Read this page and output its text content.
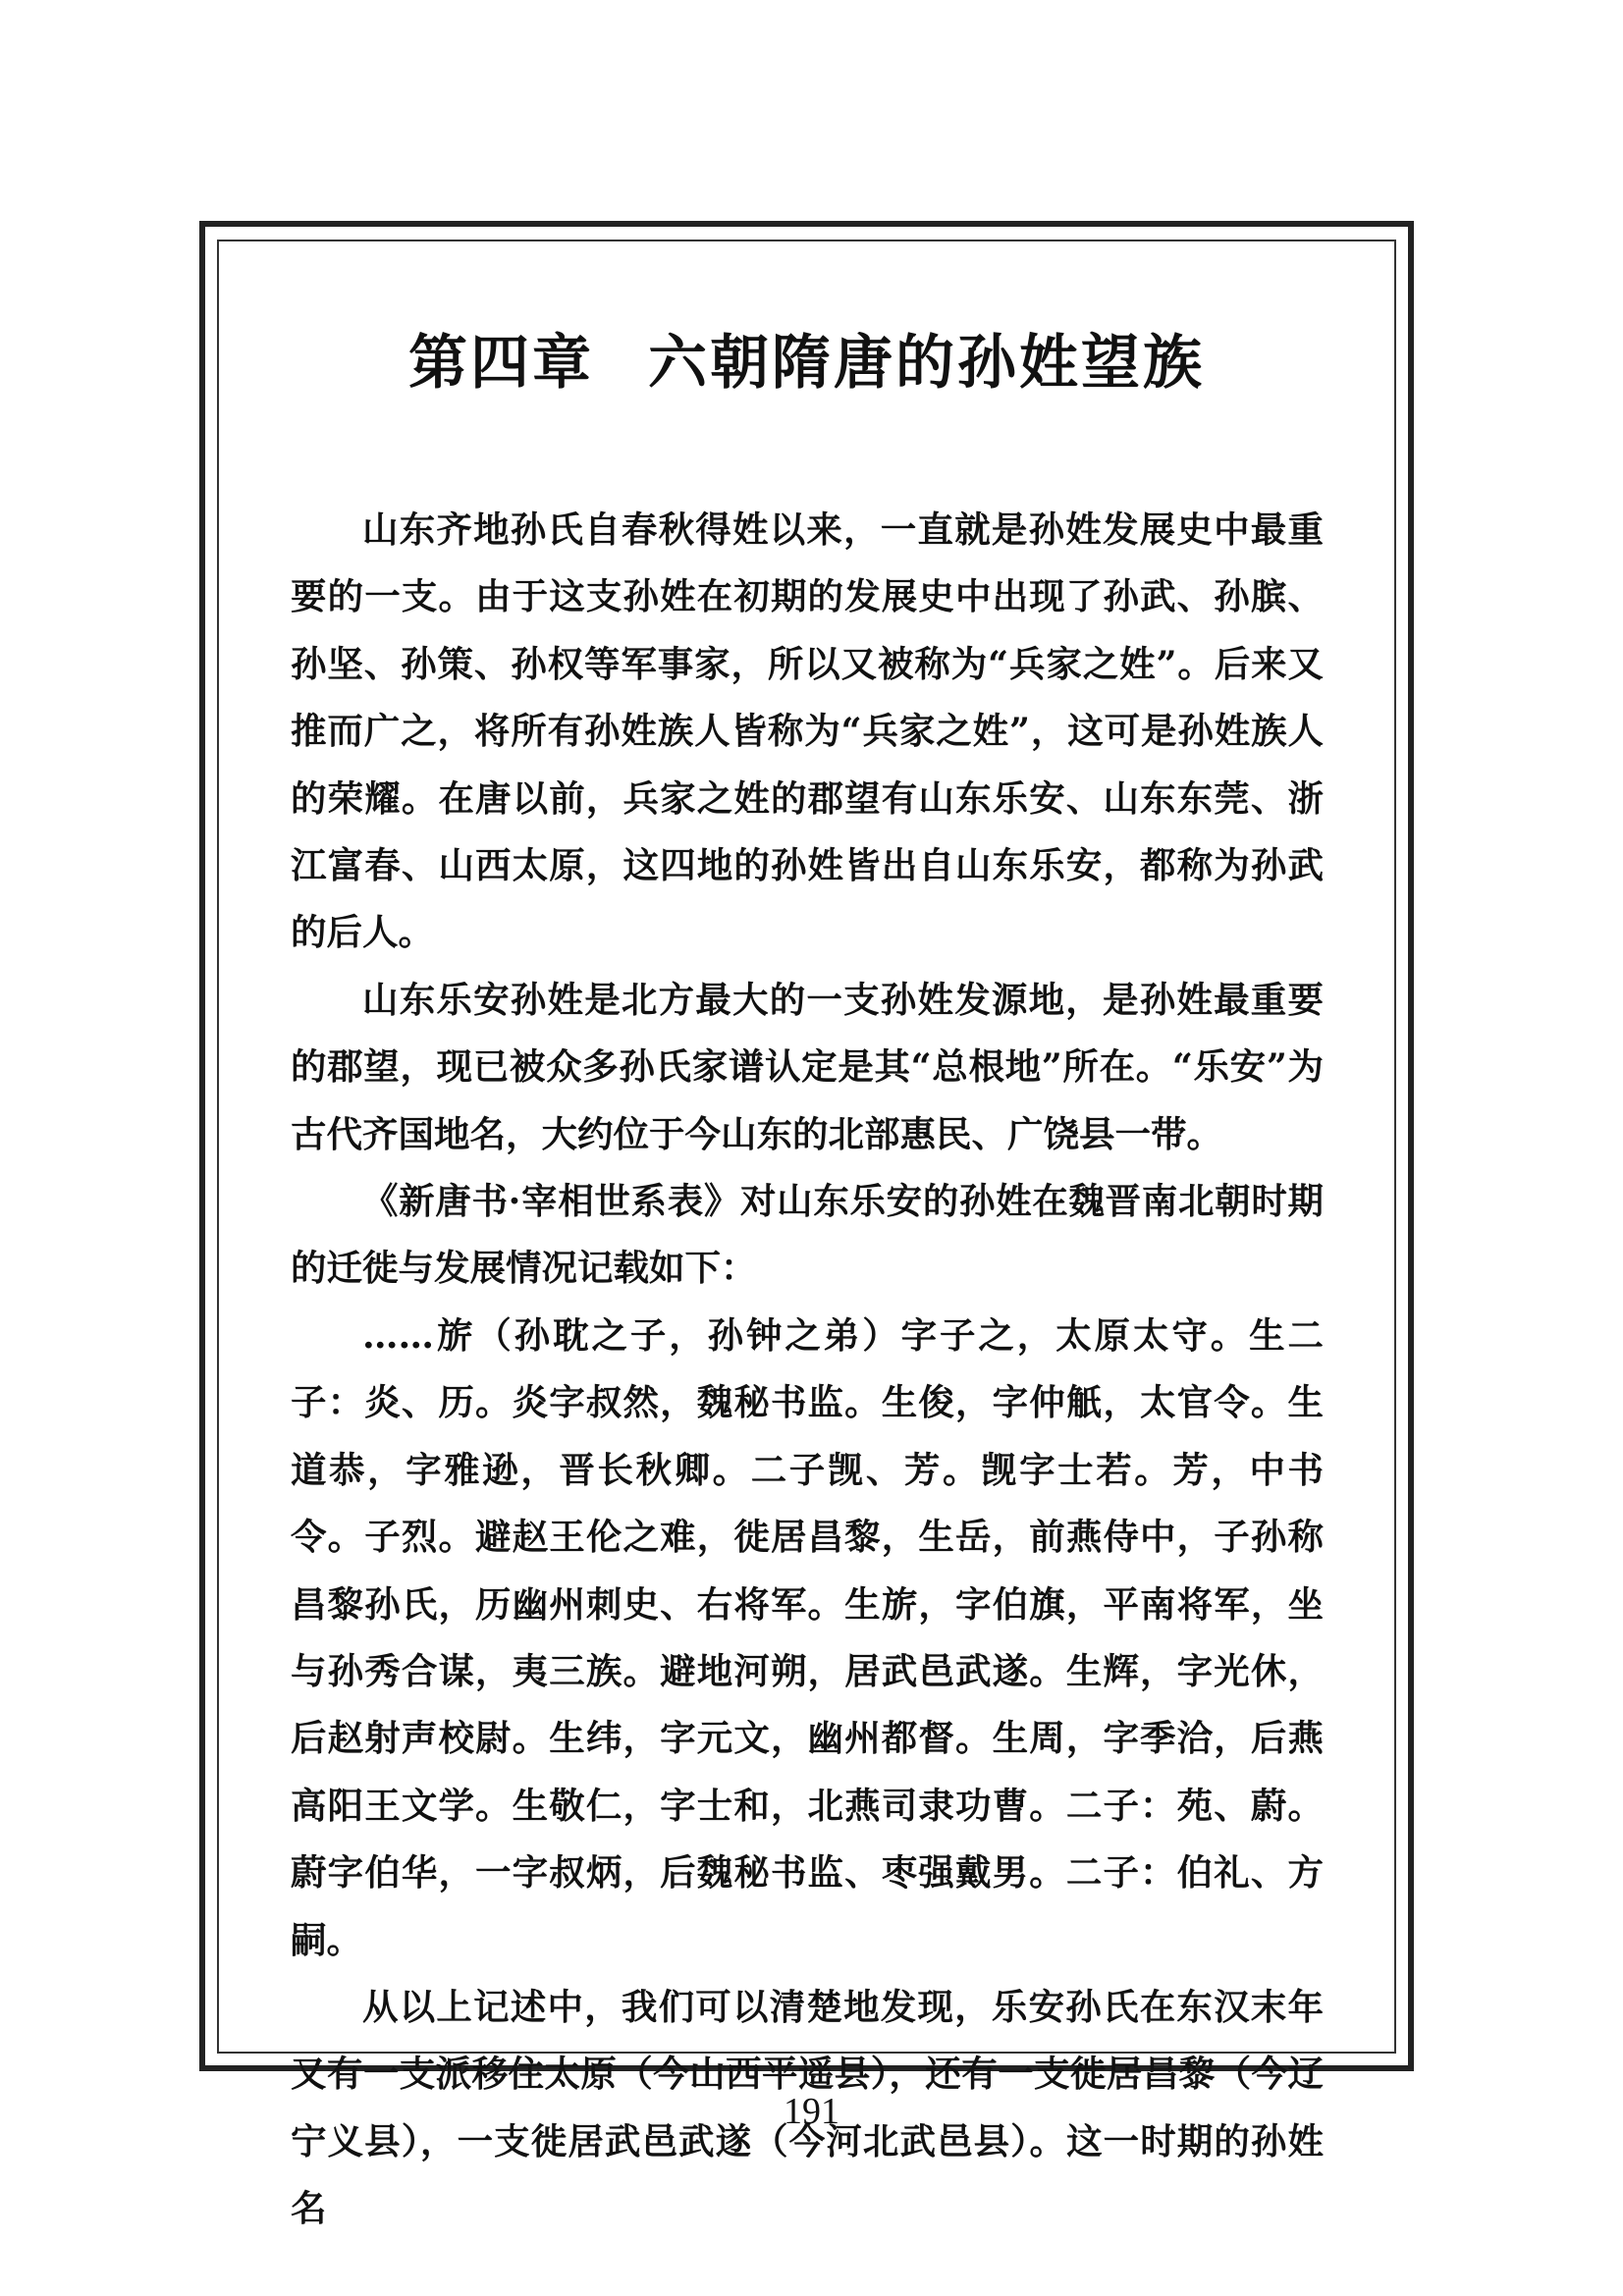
第四章 六朝隋唐的孙姓望族

山东齐地孙氏自春秋得姓以来，一直就是孙姓发展史中最重要的一支。由于这支孙姓在初期的发展史中出现了孙武、孙膑、孙坚、孙策、孙权等军事家，所以又被称为“兵家之姓”。后来又推而广之，将所有孙姓族人皆称为“兵家之姓”，这可是孙姓族人的荣耀。在唐以前，兵家之姓的郡望有山东乐安、山东东莞、浙江富春、山西太原，这四地的孙姓皆出自山东乐安，都称为孙武的后人。

山东乐安孙姓是北方最大的一支孙姓发源地，是孙姓最重要的郡望，现已被众多孙氏家谱认定是其“总根地”所在。“乐安”为古代齐国地名，大约位于今山东的北部惠民、广饶县一带。

《新唐书·宰相世系表》对山东乐安的孙姓在魏晋南北朝时期的迁徙与发展情况记载如下：

……旂（孙耽之子，孙钟之弟）字子之，太原太守。生二子：炎、历。炎字叔然，魏秘书监。生俊，字仲觗，太官令。生道恭，字雅逊，晋长秋卿。二子觊、芳。觊字士若。芳，中书令。子烈。避赵王伦之难，徙居昌黎，生岳，前燕侍中，子孙称昌黎孙氏，历幽州刺史、右将军。生旂，字伯旗，平南将军，坐与孙秀合谋，夷三族。避地河朔，居武邑武遂。生辉，字光休，后赵射声校尉。生纬，字元文，幽州都督。生周，字季洽，后燕高阳王文学。生敬仁，字士和，北燕司隶功曹。二子：苑、蔚。蔚字伯华，一字叔炳，后魏秘书监、枣强戴男。二子：伯礼、方嗣。

从以上记述中，我们可以清楚地发现，乐安孙氏在东汉末年又有一支派移住太原（今山西平遥县），还有一支徙居昌黎（今辽宁义县），一支徙居武邑武遂（今河北武邑县）。这一时期的孙姓名

191
